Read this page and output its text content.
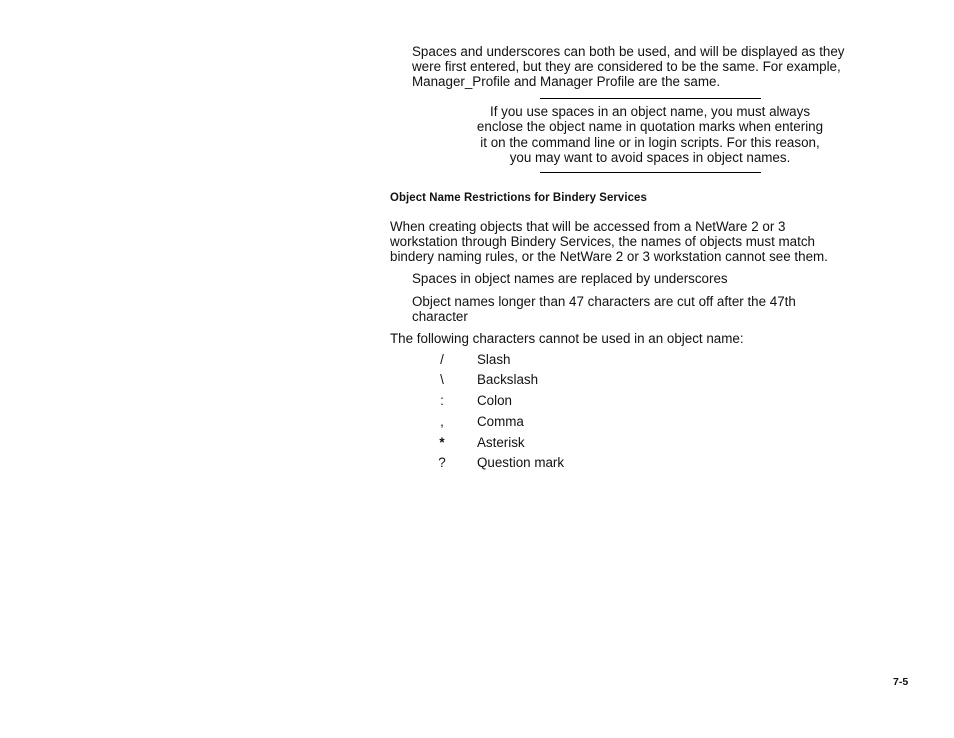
Spaces and underscores can both be used, and will be displayed as they
were first entered, but they are considered to be the same. For example,
Manager_Profile and Manager Profile are the same.
If you use spaces in an object name, you must always
enclose the object name in quotation marks when entering
it on the command line or in login scripts. For this reason,
you may want to avoid spaces in object names.
Object Name Restrictions for Bindery Services
When creating objects that will be accessed from a NetWare 2 or 3
workstation through Bindery Services, the names of objects must match
bindery naming rules, or the NetWare 2 or 3 workstation cannot see them.
Spaces in object names are replaced by underscores
Object names longer than 47 characters are cut off after the 47th
character
The following characters cannot be used in an object name:
/	Slash
\	Backslash
:	Colon
,	Comma
*	Asterisk
?	Question mark
7-5
